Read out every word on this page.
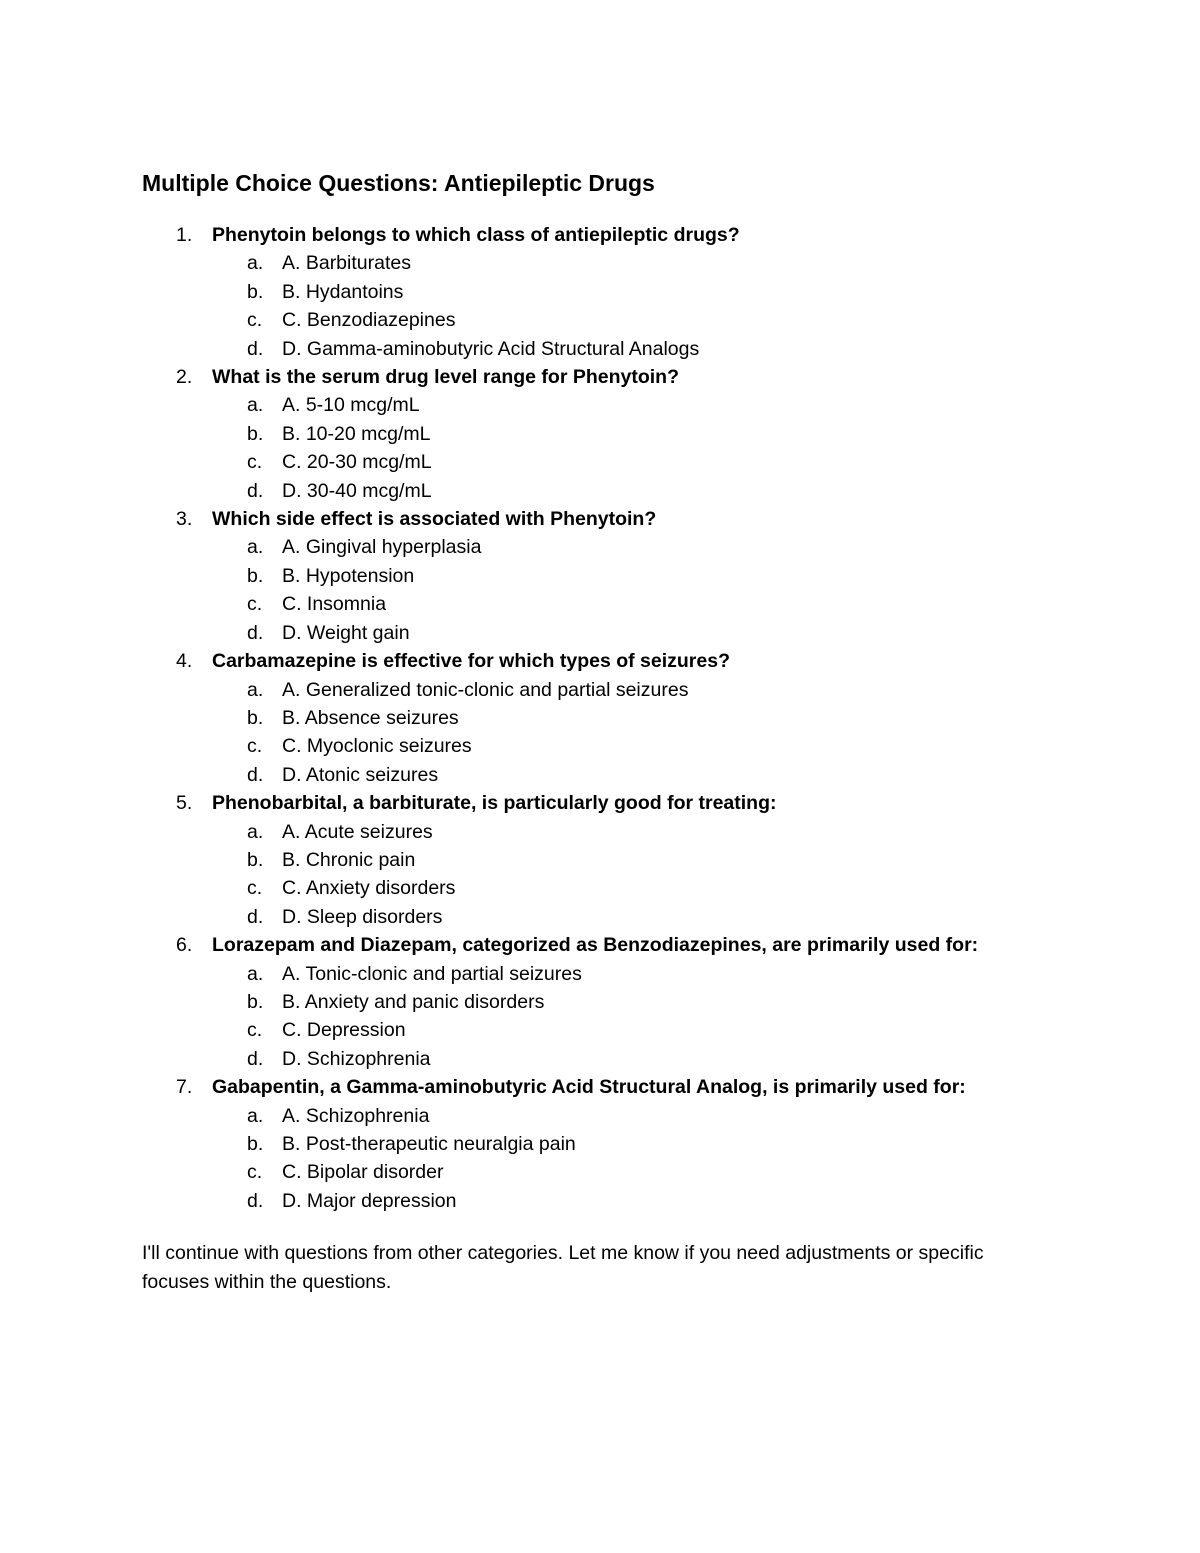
Multiple Choice Questions: Antiepileptic Drugs
1. Phenytoin belongs to which class of antiepileptic drugs?
a. A. Barbiturates
b. B. Hydantoins
c. C. Benzodiazepines
d. D. Gamma-aminobutyric Acid Structural Analogs
2. What is the serum drug level range for Phenytoin?
a. A. 5-10 mcg/mL
b. B. 10-20 mcg/mL
c. C. 20-30 mcg/mL
d. D. 30-40 mcg/mL
3. Which side effect is associated with Phenytoin?
a. A. Gingival hyperplasia
b. B. Hypotension
c. C. Insomnia
d. D. Weight gain
4. Carbamazepine is effective for which types of seizures?
a. A. Generalized tonic-clonic and partial seizures
b. B. Absence seizures
c. C. Myoclonic seizures
d. D. Atonic seizures
5. Phenobarbital, a barbiturate, is particularly good for treating:
a. A. Acute seizures
b. B. Chronic pain
c. C. Anxiety disorders
d. D. Sleep disorders
6. Lorazepam and Diazepam, categorized as Benzodiazepines, are primarily used for:
a. A. Tonic-clonic and partial seizures
b. B. Anxiety and panic disorders
c. C. Depression
d. D. Schizophrenia
7. Gabapentin, a Gamma-aminobutyric Acid Structural Analog, is primarily used for:
a. A. Schizophrenia
b. B. Post-therapeutic neuralgia pain
c. C. Bipolar disorder
d. D. Major depression

I'll continue with questions from other categories. Let me know if you need adjustments or specific focuses within the questions.
